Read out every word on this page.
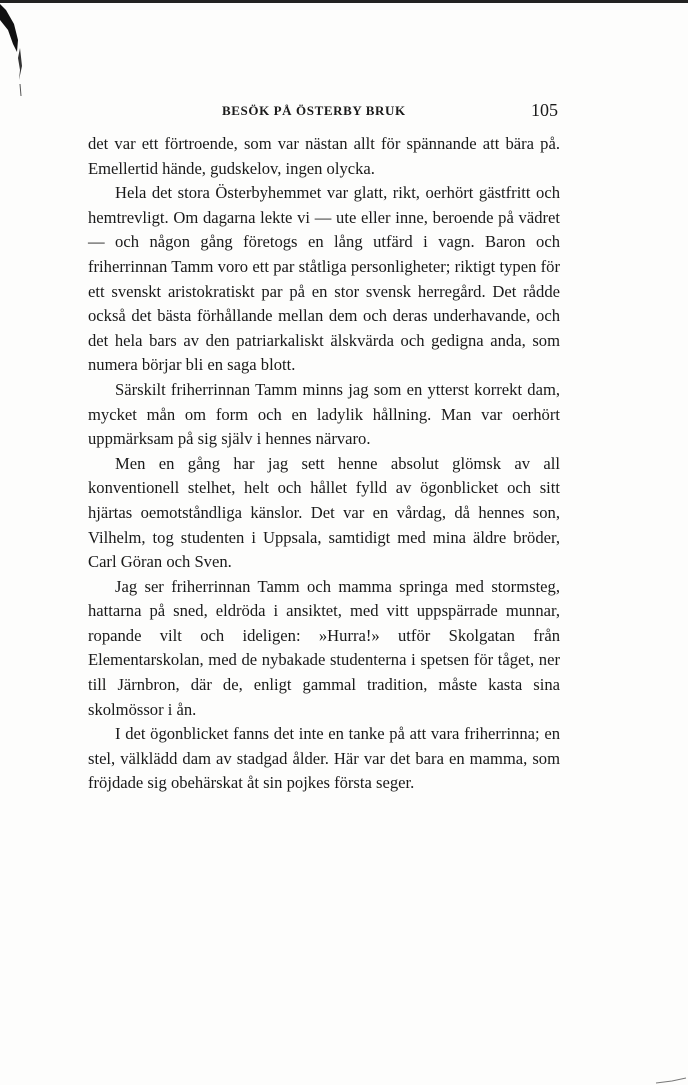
BESÖK PÅ ÖSTERBY BRUK	105

det var ett förtroende, som var nästan allt för spännande att bära på. Emellertid hände, gudskelov, ingen olycka.

Hela det stora Österbyhemmet var glatt, rikt, oerhört gästfritt och hemtrevligt. Om dagarna lekte vi — ute eller inne, beroende på vädret — och någon gång företogs en lång utfärd i vagn. Baron och friherrinnan Tamm voro ett par ståtliga personligheter; riktigt typen för ett svenskt aristokratiskt par på en stor svensk herregård. Det rådde också det bästa förhållande mellan dem och deras underhavande, och det hela bars av den patriarkaliskt älskvärda och gedigna anda, som numera börjar bli en saga blott.

Särskilt friherrinnan Tamm minns jag som en ytterst korrekt dam, mycket mån om form och en ladylik hållning. Man var oerhört uppmärksam på sig själv i hennes närvaro.

Men en gång har jag sett henne absolut glömsk av all konventionell stelhet, helt och hållet fylld av ögonblicket och sitt hjärtas oemotståndliga känslor. Det var en vårdag, då hennes son, Vilhelm, tog studenten i Uppsala, samtidigt med mina äldre bröder, Carl Göran och Sven.

Jag ser friherrinnan Tamm och mamma springa med stormsteg, hattarna på sned, eldröda i ansiktet, med vitt uppspärrade munnar, ropande vilt och ideligen: »Hurra!» utför Skolgatan från Elementarskolan, med de nybakade studenterna i spetsen för tåget, ner till Järnbron, där de, enligt gammal tradition, måste kasta sina skolmössor i ån.

I det ögonblicket fanns det inte en tanke på att vara friherrinna; en stel, välklädd dam av stadgad ålder. Här var det bara en mamma, som fröjdade sig obehärskat åt sin pojkes första seger.
